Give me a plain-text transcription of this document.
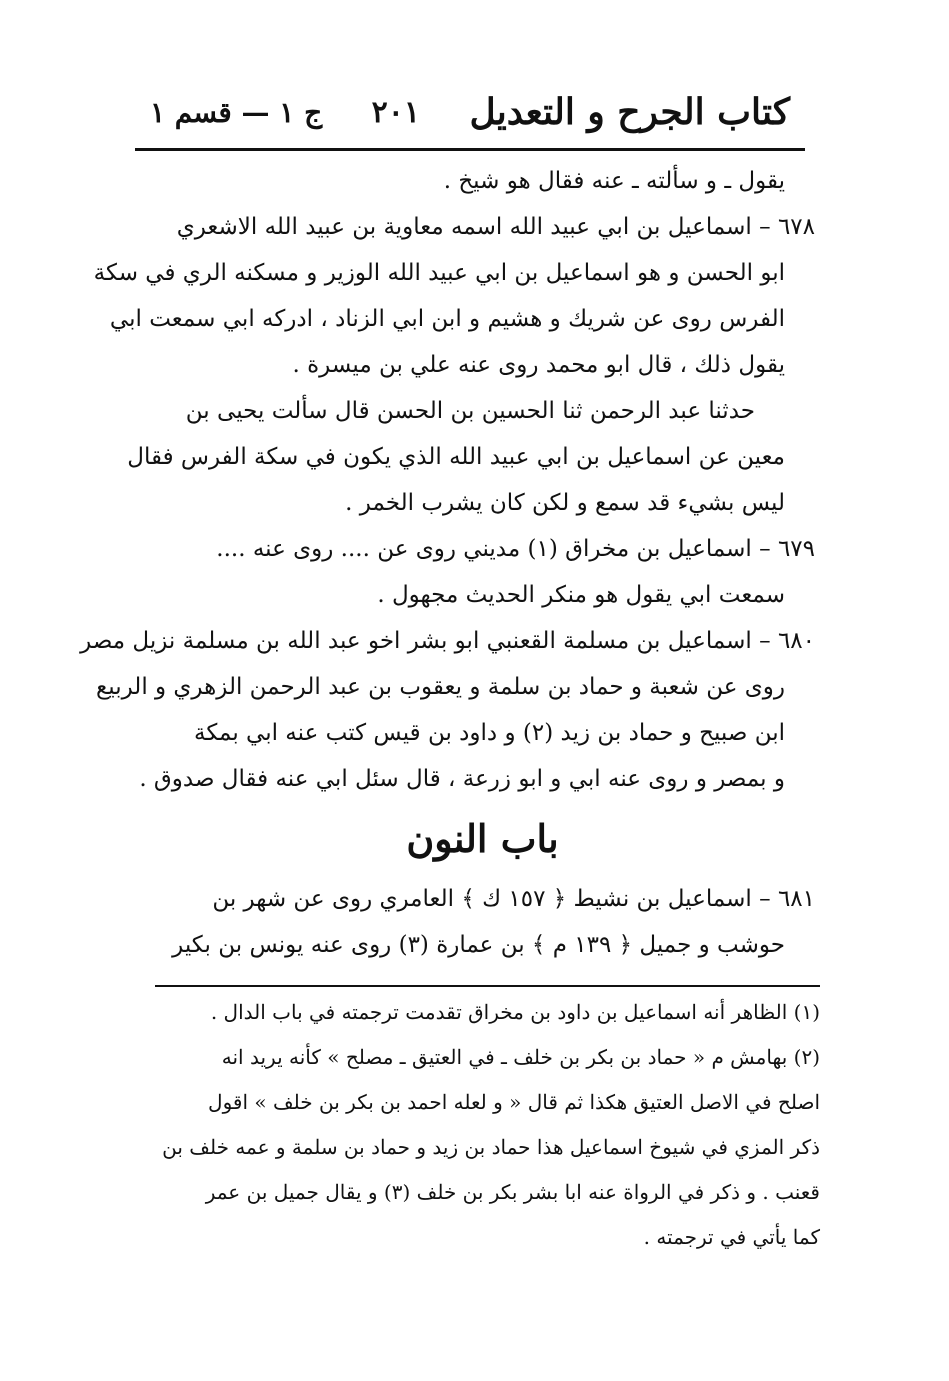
كتاب الجرح و التعديل
٢٠١
ج ١ — قسم ١
يقول ـ و سألته ـ عنه فقال هو شيخ .
٦٧٨ – اسماعيل بن ابي عبيد الله اسمه معاوية بن عبيد الله الاشعري
ابو الحسن و هو اسماعيل بن ابي عبيد الله الوزير و مسكنه الري في سكة
الفرس روى عن شريك و هشيم و ابن ابي الزناد ، ادركه ابي سمعت ابي
يقول ذلك ، قال ابو محمد روى عنه علي بن ميسرة .
حدثنا عبد الرحمن ثنا الحسين بن الحسن قال سألت يحيى بن
معين عن اسماعيل بن ابي عبيد الله الذي يكون في سكة الفرس فقال
ليس بشيء قد سمع و لكن كان يشرب الخمر .
٦٧٩ – اسماعيل بن مخراق (١) مديني روى عن .... روى عنه ....
سمعت ابي يقول هو منكر الحديث مجهول .
٦٨٠ – اسماعيل بن مسلمة القعنبي ابو بشر اخو عبد الله بن مسلمة نزيل مصر
روى عن شعبة و حماد بن سلمة و يعقوب بن عبد الرحمن الزهري و الربيع
ابن صبيح و حماد بن زيد (٢) و داود بن قيس كتب عنه ابي بمكة
و بمصر و روى عنه ابي و ابو زرعة ، قال سئل ابي عنه فقال صدوق .
باب النون
٦٨١ – اسماعيل بن نشيط ﴿ ١٥٧ ك ﴾ العامري روى عن شهر بن
حوشب و جميل ﴿ ١٣٩ م ﴾ بن عمارة (٣) روى عنه يونس بن بكير
(١) الظاهر أنه اسماعيل بن داود بن مخراق تقدمت ترجمته في باب الدال .
(٢) بهامش م « حماد بن بكر بن خلف ـ في العتيق ـ مصلح » كأنه يريد انه
اصلح في الاصل العتيق هكذا ثم قال « و لعله احمد بن بكر بن خلف » اقول
ذكر المزي في شيوخ اسماعيل هذا حماد بن زيد و حماد بن سلمة و عمه خلف بن
قعنب . و ذكر في الرواة عنه ابا بشر بكر بن خلف (٣) و يقال جميل بن عمر
كما يأتي في ترجمته .
